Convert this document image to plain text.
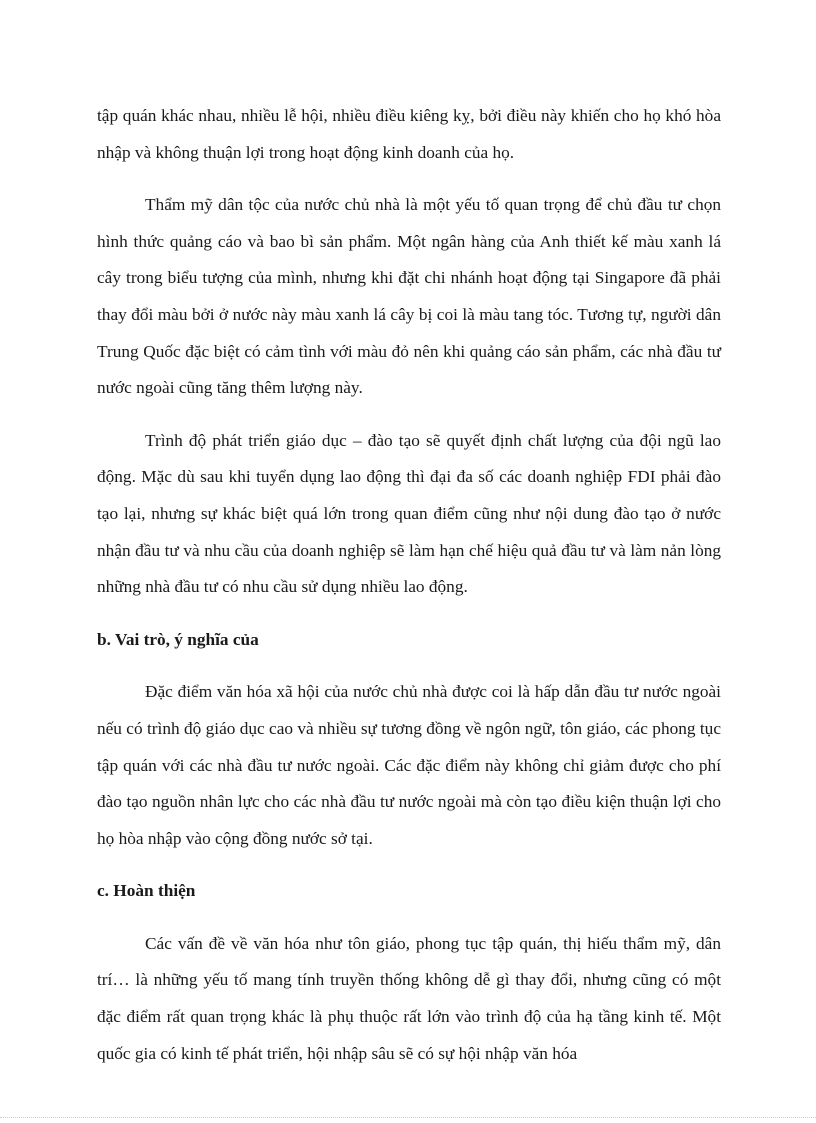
tập quán khác nhau, nhiều lễ hội, nhiều điều kiêng kỵ, bởi điều này khiến cho họ khó hòa nhập và không thuận lợi trong hoạt động kinh doanh của họ.

Thẩm mỹ dân tộc của nước chủ nhà là một yếu tố quan trọng để chủ đầu tư chọn hình thức quảng cáo và bao bì sản phẩm. Một ngân hàng của Anh thiết kế màu xanh lá cây trong biểu tượng của mình, nhưng khi đặt chi nhánh hoạt động tại Singapore đã phải thay đổi màu bởi ở nước này màu xanh lá cây bị coi là màu tang tóc. Tương tự, người dân Trung Quốc đặc biệt có cảm tình với màu đỏ nên khi quảng cáo sản phẩm, các nhà đầu tư nước ngoài cũng tăng thêm lượng này.

Trình độ phát triển giáo dục – đào tạo sẽ quyết định chất lượng của đội ngũ lao động. Mặc dù sau khi tuyển dụng lao động thì đại đa số các doanh nghiệp FDI phải đào tạo lại, nhưng sự khác biệt quá lớn trong quan điểm cũng như nội dung đào tạo ở nước nhận đầu tư và nhu cầu của doanh nghiệp sẽ làm hạn chế hiệu quả đầu tư và làm nản lòng những nhà đầu tư có nhu cầu sử dụng nhiều lao động.

b. Vai trò, ý nghĩa của

Đặc điểm văn hóa xã hội của nước chủ nhà được coi là hấp dẫn đầu tư nước ngoài nếu có trình độ giáo dục cao và nhiều sự tương đồng về ngôn ngữ, tôn giáo, các phong tục tập quán với các nhà đầu tư nước ngoài. Các đặc điểm này không chỉ giảm được cho phí đào tạo nguồn nhân lực cho các nhà đầu tư nước ngoài mà còn tạo điều kiện thuận lợi cho họ hòa nhập vào cộng đồng nước sở tại.

c. Hoàn thiện

Các vấn đề về văn hóa như tôn giáo, phong tục tập quán, thị hiếu thẩm mỹ, dân trí… là những yếu tố mang tính truyền thống không dễ gì thay đổi, nhưng cũng có một đặc điểm rất quan trọng khác là phụ thuộc rất lớn vào trình độ của hạ tầng kinh tế. Một quốc gia có kinh tế phát triển, hội nhập sâu sẽ có sự hội nhập văn hóa
